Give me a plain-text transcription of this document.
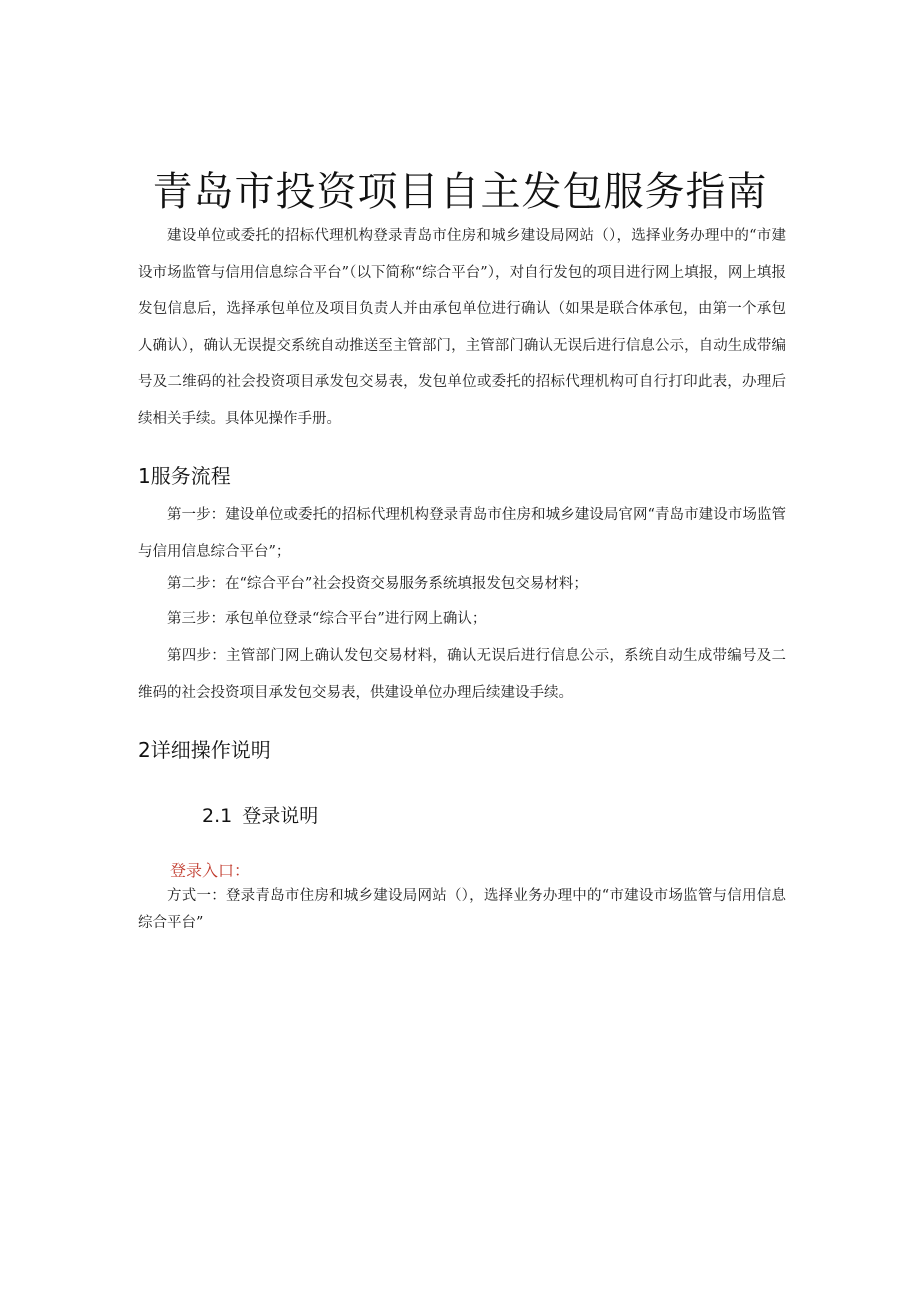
青岛市投资项目自主发包服务指南

建设单位或委托的招标代理机构登录青岛市住房和城乡建设局网站（），选择业务办理中的“市建设市场监管与信用信息综合平台”（以下简称“综合平台”），对自行发包的项目进行网上填报，网上填报发包信息后，选择承包单位及项目负责人并由承包单位进行确认（如果是联合体承包，由第一个承包人确认），确认无误提交系统自动推送至主管部门，主管部门确认无误后进行信息公示，自动生成带编号及二维码的社会投资项目承发包交易表，发包单位或委托的招标代理机构可自行打印此表，办理后续相关手续。具体见操作手册。

1服务流程

第一步：建设单位或委托的招标代理机构登录青岛市住房和城乡建设局官网“青岛市建设市场监管与信用信息综合平台”；

第二步：在“综合平台”社会投资交易服务系统填报发包交易材料；

第三步：承包单位登录“综合平台”进行网上确认；

第四步：主管部门网上确认发包交易材料，确认无误后进行信息公示，系统自动生成带编号及二维码的社会投资项目承发包交易表，供建设单位办理后续建设手续。

2详细操作说明
2.1 登录说明

登录入口：

方式一：登录青岛市住房和城乡建设局网站（），选择业务办理中的“市建设市场监管与信用信息综合平台”
